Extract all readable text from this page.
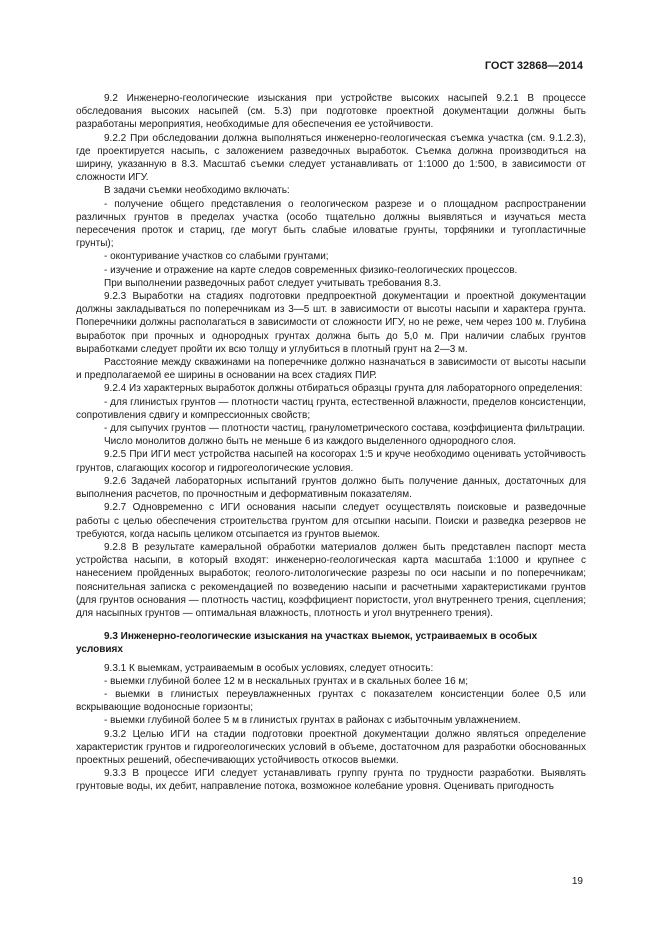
ГОСТ 32868—2014

9.2 Инженерно-геологические изыскания при устройстве высоких насыпей 9.2.1 В процессе обследования высоких насыпей (см. 5.3) при подготовке проектной документации должны быть разработаны мероприятия, необходимые для обеспечения ее устойчивости.

9.2.2 При обследовании должна выполняться инженерно-геологическая съемка участка (см. 9.1.2.3), где проектируется насыпь, с заложением разведочных выработок. Съемка должна производиться на ширину, указанную в 8.3. Масштаб съемки следует устанавливать от 1:1000 до 1:500, в зависимости от сложности ИГУ.

В задачи съемки необходимо включать:

- получение общего представления о геологическом разрезе и о площадном распространении различных грунтов в пределах участка (особо тщательно должны выявляться и изучаться места пересечения проток и стариц, где могут быть слабые иловатые грунты, торфяники и тугопластичные грунты);

- оконтуривание участков со слабыми грунтами;

- изучение и отражение на карте следов современных физико-геологических процессов.

При выполнении разведочных работ следует учитывать требования 8.3.

9.2.3 Выработки на стадиях подготовки предпроектной документации и проектной документации должны закладываться по поперечникам из 3—5 шт. в зависимости от высоты насыпи и характера грунта. Поперечники должны располагаться в зависимости от сложности ИГУ, но не реже, чем через 100 м. Глубина выработок при прочных и однородных грунтах должна быть до 5,0 м. При наличии слабых грунтов выработками следует пройти их всю толщу и углубиться в плотный грунт на 2—3 м.

Расстояние между скважинами на поперечнике должно назначаться в зависимости от высоты насыпи и предполагаемой ее ширины в основании на всех стадиях ПИР.

9.2.4 Из характерных выработок должны отбираться образцы грунта для лабораторного определения:

- для глинистых грунтов — плотности частиц грунта, естественной влажности, пределов консистенции, сопротивления сдвигу и компрессионных свойств;

- для сыпучих грунтов — плотности частиц, гранулометрического состава, коэффициента фильтрации.

Число монолитов должно быть не меньше 6 из каждого выделенного однородного слоя.

9.2.5 При ИГИ мест устройства насыпей на косогорах 1:5 и круче необходимо оценивать устойчивость грунтов, слагающих косогор и гидрогеологические условия.

9.2.6 Задачей лабораторных испытаний грунтов должно быть получение данных, достаточных для выполнения расчетов, по прочностным и деформативным показателям.

9.2.7 Одновременно с ИГИ основания насыпи следует осуществлять поисковые и разведочные работы с целью обеспечения строительства грунтом для отсыпки насыпи. Поиски и разведка резервов не требуются, когда насыпь целиком отсыпается из грунтов выемок.

9.2.8 В результате камеральной обработки материалов должен быть представлен паспорт места устройства насыпи, в который входят: инженерно-геологическая карта масштаба 1:1000 и крупнее с нанесением пройденных выработок; геолого-литологические разрезы по оси насыпи и по поперечникам; пояснительная записка с рекомендацией по возведению насыпи и расчетными характеристиками грунтов (для грунтов основания — плотность частиц, коэффициент пористости, угол внутреннего трения, сцепления; для насыпных грунтов — оптимальная влажность, плотность и угол внутреннего трения).

9.3 Инженерно-геологические изыскания на участках выемок, устраиваемых в особых условиях

9.3.1 К выемкам, устраиваемым в особых условиях, следует относить:

- выемки глубиной более 12 м в нескальных грунтах и в скальных более 16 м;

- выемки в глинистых переувлажненных грунтах с показателем консистенции более 0,5 или вскрывающие водоносные горизонты;

- выемки глубиной более 5 м в глинистых грунтах в районах с избыточным увлажнением.

9.3.2 Целью ИГИ на стадии подготовки проектной документации должно являться определение характеристик грунтов и гидрогеологических условий в объеме, достаточном для разработки обоснованных проектных решений, обеспечивающих устойчивость откосов выемки.

9.3.3 В процессе ИГИ следует устанавливать группу грунта по трудности разработки. Выявлять грунтовые воды, их дебит, направление потока, возможное колебание уровня. Оценивать пригодность

19
